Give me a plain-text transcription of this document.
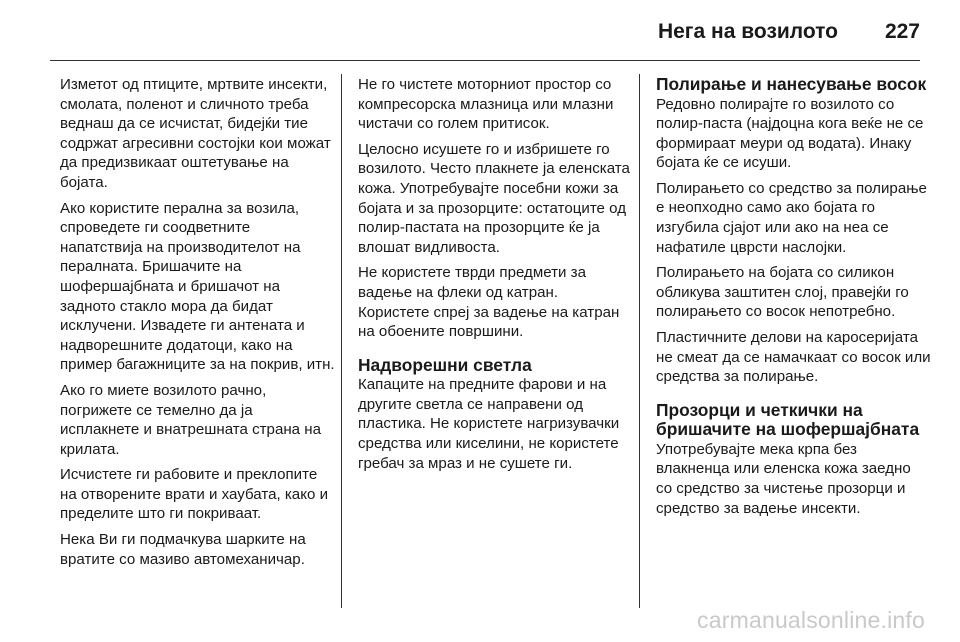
Нега на возилото 227

Изметот од птиците, мртвите инсекти, смолата, поленот и сличното треба веднаш да се исчистат, бидејќи тие содржат агресивни состојки кои можат да предизвикаат оштетување на бојата.

Ако користите перална за возила, спроведете ги соодветните напатствија на производителот на пералната. Бришачите на шофершајбната и бришачот на задното стакло мора да бидат исклучени. Извадете ги антената и надворешните додатоци, како на пример багажниците за на покрив, итн.

Ако го миете возилото рачно, погрижете се темелно да ја исплакнете и внатрешната страна на крилата.

Исчистете ги рабовите и преклопите на отворените врати и хаубата, како и пределите што ги покриваат.

Нека Ви ги подмачкува шарките на вратите со мазиво автомеханичар.

Не го чистете моторниот простор со компресорска млазница или млазни чистачи со голем притисок.

Целосно исушете го и избришете го возилото. Често плакнете ја еленската кожа. Употребувајте посебни кожи за бојата и за прозорците: остатоците од полир-пастата на прозорците ќе ја влошат видливоста.

Не користете тврди предмети за вадење на флеки од катран. Користете спреј за вадење на катран на обоените површини.

Надворешни светла

Капаците на предните фарови и на другите светла се направени од пластика. Не користете нагризувачки средства или киселини, не користете гребач за мраз и не сушете ги.

Полирање и нанесување восок

Редовно полирајте го возилото со полир-паста (најдоцна кога веќе не се формираат меури од водата). Инаку бојата ќе се исуши.

Полирањето со средство за полирање е неопходно само ако бојата го изгубила сјајот или ако на неа се нафатиле цврсти наслојки.

Полирањето на бојата со силикон обликува заштитен слој, правејќи го полирањето со восок непотребно.

Пластичните делови на каросеријата не смеат да се намачкаат со восок или средства за полирање.

Прозорци и четкички на бришачите на шофершајбната

Употребувајте мека крпа без влакненца или еленска кожа заедно со средство за чистење прозорци и средство за вадење инсекти.

carmanualsonline.info
